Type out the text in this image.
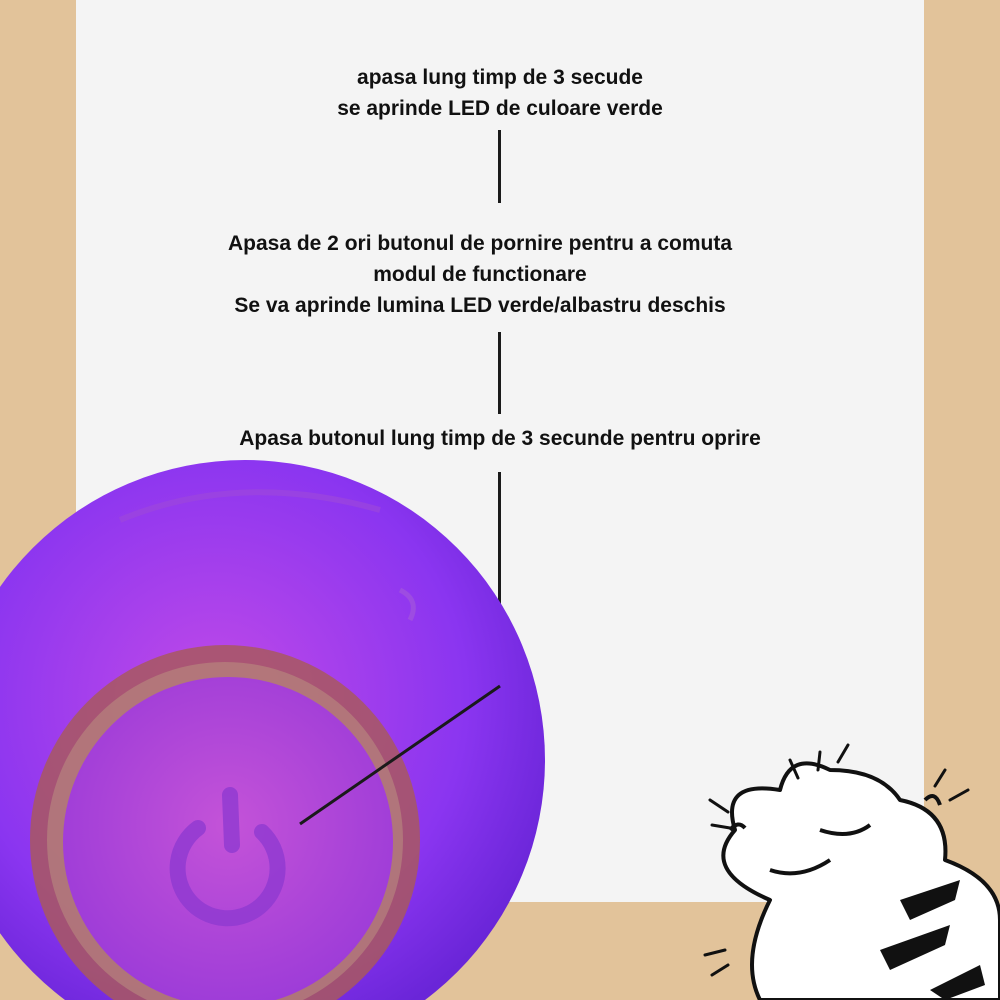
apasa lung timp de 3 secude
se aprinde LED de culoare verde
Apasa de 2 ori butonul de pornire pentru a comuta
modul de functionare
Se va aprinde lumina LED verde/albastru deschis
Apasa butonul lung timp de 3 secunde pentru oprire
